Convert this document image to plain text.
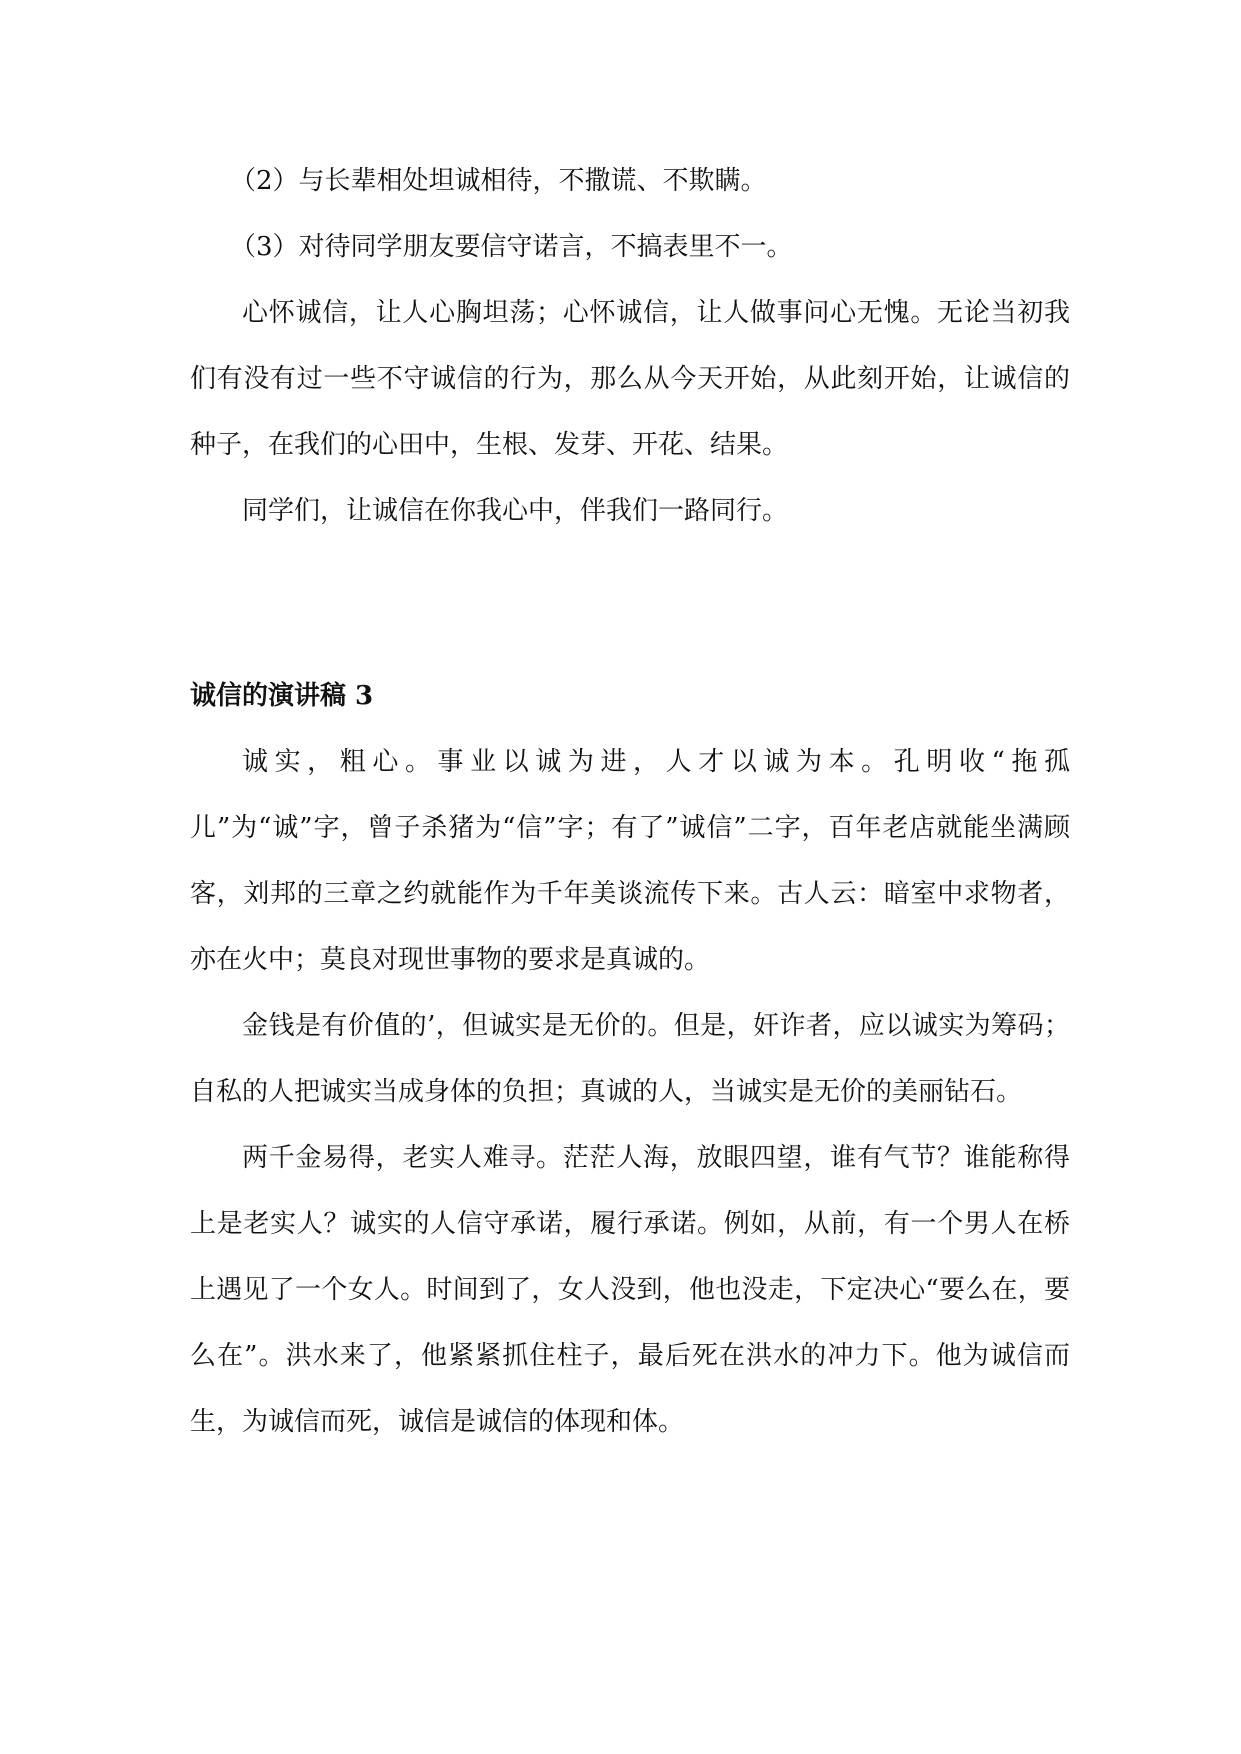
（2）与长辈相处坦诚相待，不撒谎、不欺瞒。

（3）对待同学朋友要信守诺言，不搞表里不一。

心怀诚信，让人心胸坦荡；心怀诚信，让人做事问心无愧。无论当初我们有没有过一些不守诚信的行为，那么从今天开始，从此刻开始，让诚信的种子，在我们的心田中，生根、发芽、开花、结果。

同学们，让诚信在你我心中，伴我们一路同行。

诚信的演讲稿 3

诚实，粗心。事业以诚为进，人才以诚为本。孔明收“拖孤儿”为“诚”字，曾子杀猪为“信”字；有了”诚信”二字，百年老店就能坐满顾客，刘邦的三章之约就能作为千年美谈流传下来。古人云：暗室中求物者，亦在火中；莫良对现世事物的要求是真诚的。

金钱是有价值的’，但诚实是无价的。但是，奸诈者，应以诚实为筹码；自私的人把诚实当成身体的负担；真诚的人，当诚实是无价的美丽钻石。

两千金易得，老实人难寻。茫茫人海，放眼四望，谁有气节？谁能称得上是老实人？诚实的人信守承诺，履行承诺。例如，从前，有一个男人在桥上遇见了一个女人。时间到了，女人没到，他也没走，下定决心“要么在，要么在”。洪水来了，他紧紧抓住柱子，最后死在洪水的冲力下。他为诚信而生，为诚信而死，诚信是诚信的体现和体。
